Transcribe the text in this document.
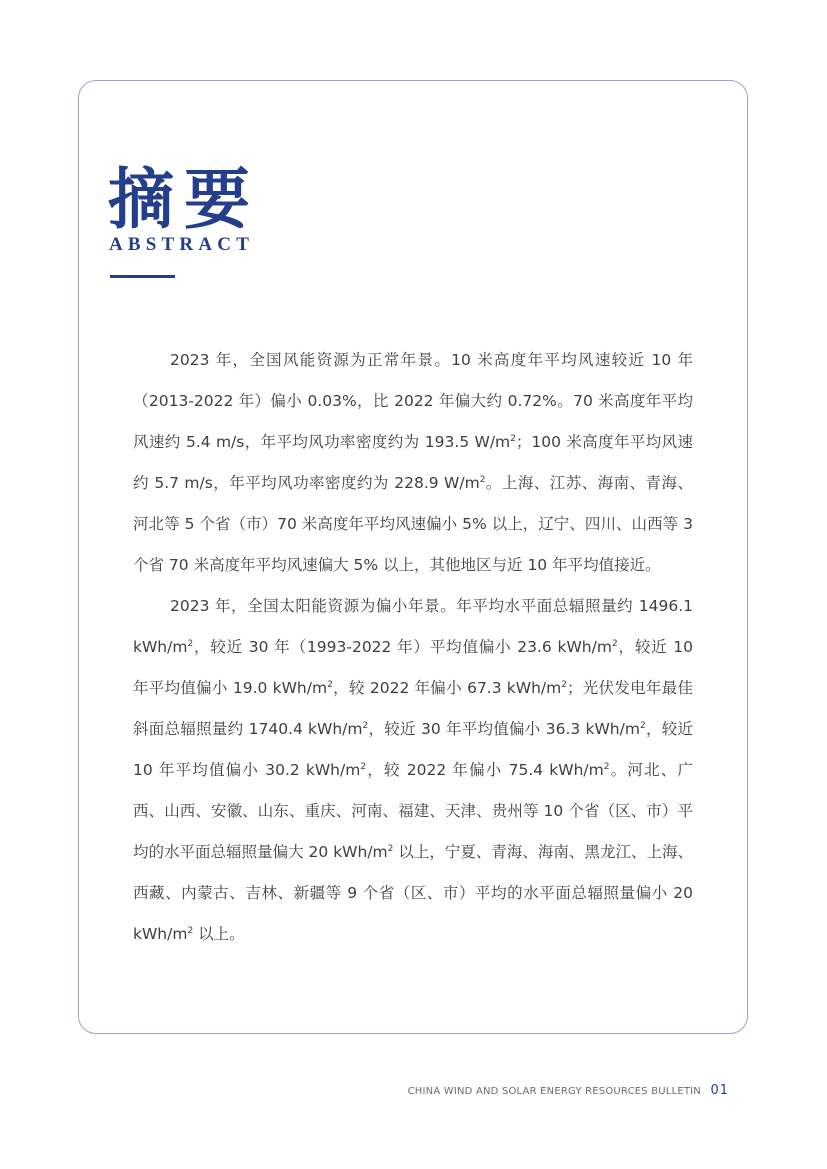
摘要
ABSTRACT

2023 年，全国风能资源为正常年景。10 米高度年平均风速较近 10 年（2013-2022 年）偏小 0.03%，比 2022 年偏大约 0.72%。70 米高度年平均风速约 5.4 m/s，年平均风功率密度约为 193.5 $W/m^2$；100 米高度年平均风速约 5.7 m/s，年平均风功率密度约为 228.9 $W/m^2$。上海、江苏、海南、青海、河北等 5 个省（市）70 米高度年平均风速偏小 5% 以上，辽宁、四川、山西等 3 个省 70 米高度年平均风速偏大 5% 以上，其他地区与近 10 年平均值接近。

2023 年，全国太阳能资源为偏小年景。年平均水平面总辐照量约 1496.1 kWh/$m^2$，较近 30 年（1993-2022 年）平均值偏小 23.6 kWh/$m^2$，较近 10 年平均值偏小 19.0 kWh/$m^2$，较 2022 年偏小 67.3 kWh/$m^2$；光伏发电年最佳斜面总辐照量约 1740.4 kWh/$m^2$，较近 30 年平均值偏小 36.3 kWh/$m^2$，较近 10 年平均值偏小 30.2 kWh/$m^2$，较 2022 年偏小 75.4 kWh/$m^2$。河北、广西、山西、安徽、山东、重庆、河南、福建、天津、贵州等 10 个省（区、市）平均的水平面总辐照量偏大 20 kWh/$m^2$ 以上，宁夏、青海、海南、黑龙江、上海、西藏、内蒙古、吉林、新疆等 9 个省（区、市）平均的水平面总辐照量偏小 20 kWh/$m^2$ 以上。

CHINA WIND AND SOLAR ENERGY RESOURCES BULLETIN 01
